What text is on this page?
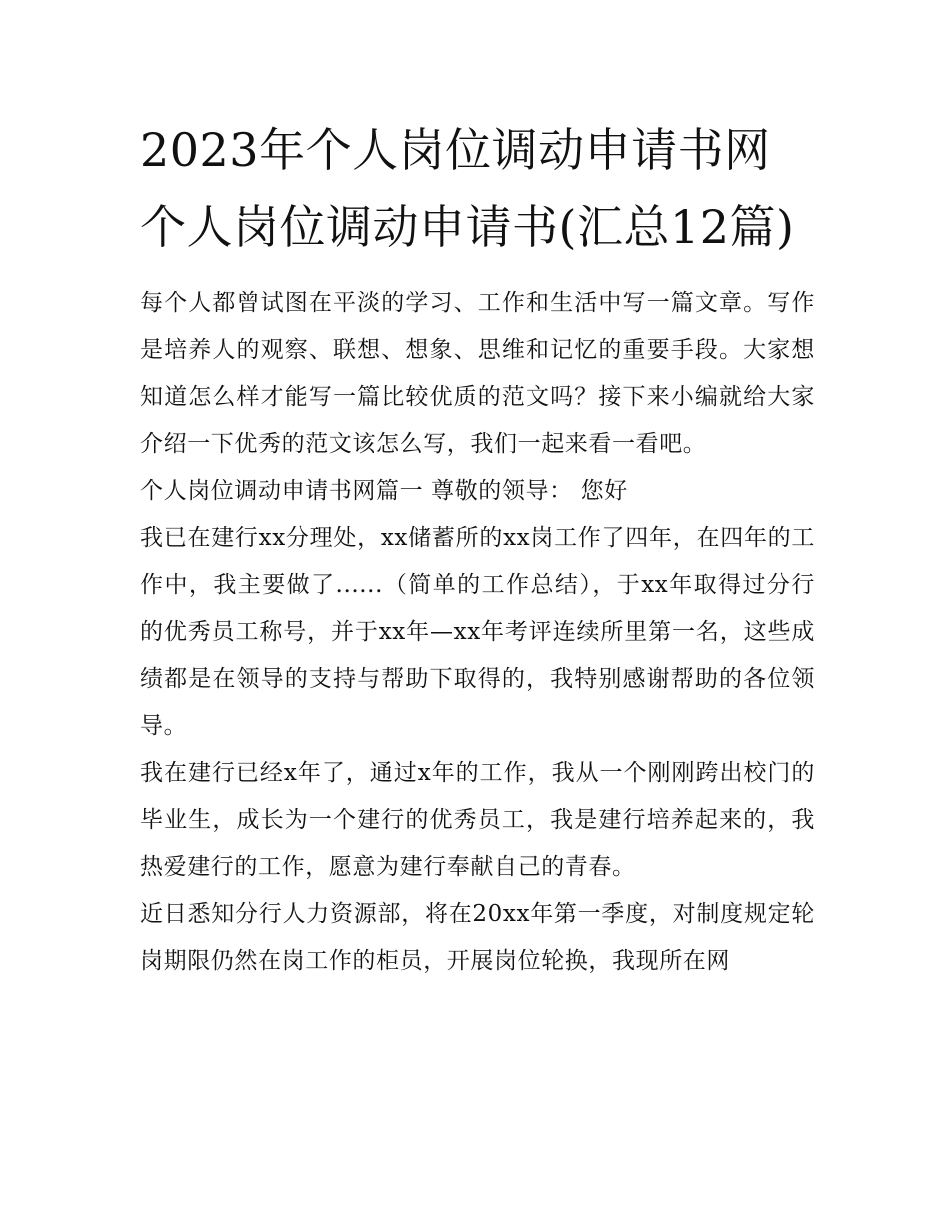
2023年个人岗位调动申请书网 个人岗位调动申请书(汇总12篇)

每个人都曾试图在平淡的学习、工作和生活中写一篇文章。写作是培养人的观察、联想、想象、思维和记忆的重要手段。大家想知道怎么样才能写一篇比较优质的范文吗？接下来小编就给大家介绍一下优秀的范文该怎么写，我们一起来看一看吧。

个人岗位调动申请书网篇一 尊敬的领导： 您好

我已在建行xx分理处，xx储蓄所的xx岗工作了四年，在四年的工作中，我主要做了......（简单的工作总结），于xx年取得过分行的优秀员工称号，并于xx年—xx年考评连续所里第一名，这些成绩都是在领导的支持与帮助下取得的，我特别感谢帮助的各位领导。

我在建行已经x年了，通过x年的工作，我从一个刚刚跨出校门的毕业生，成长为一个建行的优秀员工，我是建行培养起来的，我热爱建行的工作，愿意为建行奉献自己的青春。

近日悉知分行人力资源部，将在20xx年第一季度，对制度规定轮岗期限仍然在岗工作的柜员，开展岗位轮换，我现所在网
